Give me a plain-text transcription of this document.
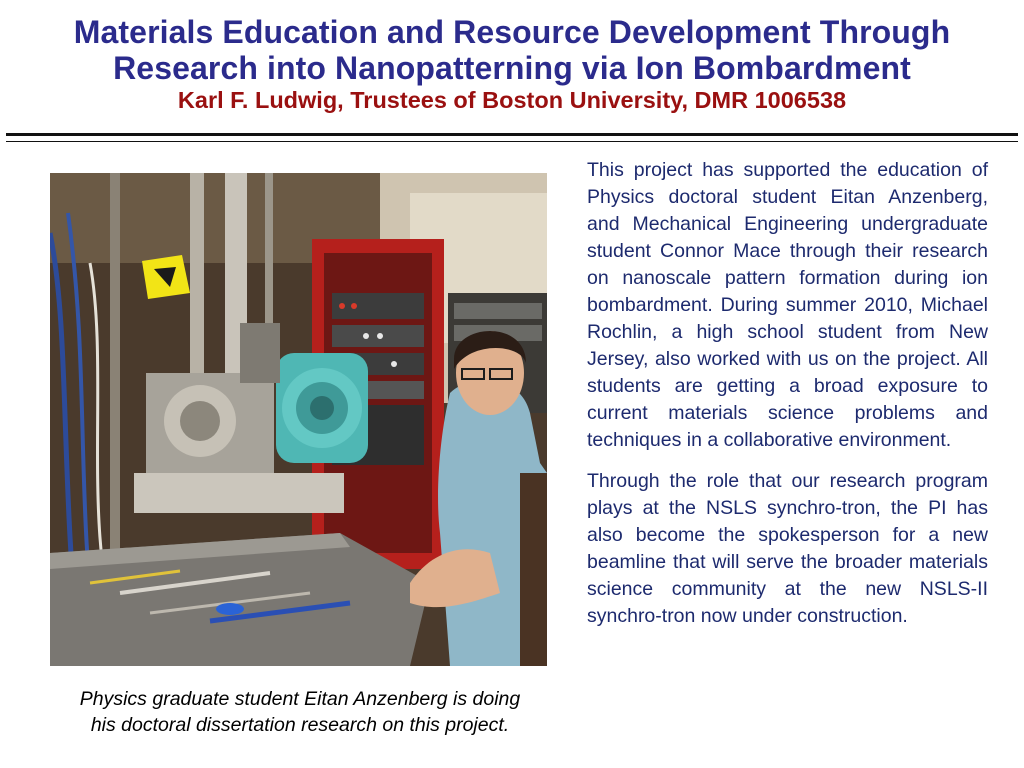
Materials Education and Resource Development Through

Research into Nanopatterning via Ion Bombardment

Karl F. Ludwig, Trustees of Boston University, DMR 1006538

Physics graduate student Eitan Anzenberg is doing
his doctoral dissertation research on this project.

This project has supported the education of Physics doctoral student Eitan Anzenberg, and Mechanical Engineering undergraduate student Connor Mace through their research on nanoscale pattern formation during ion bombardment. During summer 2010, Michael Rochlin, a high school student from New Jersey, also worked with us on the project. All students are getting a broad exposure to current materials science problems and techniques in a collaborative environment.

Through the role that our research program plays at the NSLS synchro-tron, the PI has also become the spokesperson for a new beamline that will serve the broader materials science community at the new NSLS-II synchro-tron now under construction.
